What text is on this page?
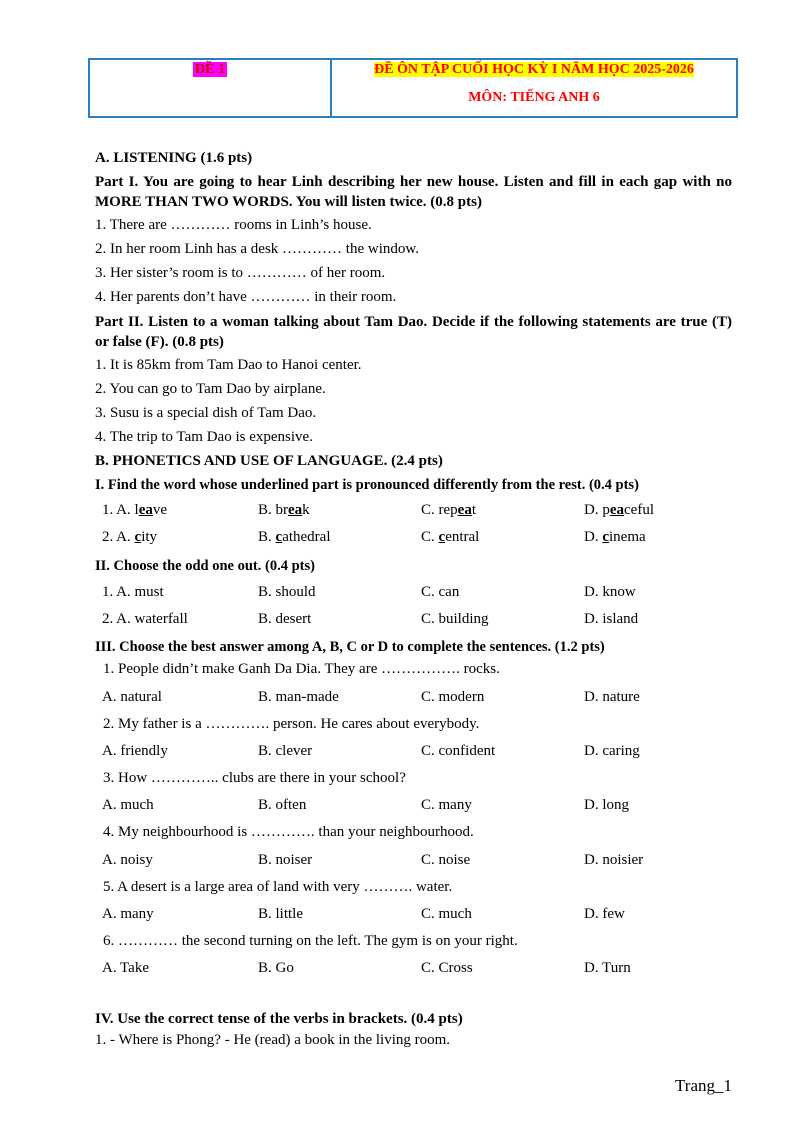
ĐỀ 1	ĐỀ ÔN TẬP CUỐI HỌC KỲ I NĂM HỌC 2025-2026
MÔN: TIẾNG ANH 6
A. LISTENING (1.6 pts)
Part I. You are going to hear Linh describing her new house. Listen and fill in each gap with no MORE THAN TWO WORDS. You will listen twice. (0.8 pts)
1. There are ………… rooms in Linh’s house.
2. In her room Linh has a desk ………… the window.
3. Her sister’s room is to ………… of her room.
4. Her parents don’t have ………… in their room.
Part II. Listen to a woman talking about Tam Dao. Decide if the following statements are true (T) or false (F). (0.8 pts)
1. It is 85km from Tam Dao to Hanoi center.
2. You can go to Tam Dao by airplane.
3. Susu is a special dish of Tam Dao.
4. The trip to Tam Dao is expensive.
B. PHONETICS AND USE OF LANGUAGE. (2.4 pts)
I. Find the word whose underlined part is pronounced differently from the rest. (0.4 pts)
1. A. leave	B. break	C. repeat	D. peaceful
2. A. city	B. cathedral	C. central	D. cinema
II. Choose the odd one out. (0.4 pts)
1. A. must	B. should	C. can	D. know
2. A. waterfall	B. desert	C. building	D. island
III. Choose the best answer among A, B, C or D to complete the sentences. (1.2 pts)
1. People didn’t make Ganh Da Dia. They are ……………. rocks.
A. natural	B. man-made	C. modern	D. nature
2. My father is a …………. person. He cares about everybody.
A. friendly	B. clever	C. confident	D. caring
3. How ………….. clubs are there in your school?
A. much	B. often	C. many	D. long
4. My neighbourhood is …………. than your neighbourhood.
A. noisy	B. noiser	C. noise	D. noisier
5. A desert is a large area of land with very ………. water.
A. many	B. little	C. much	D. few
6. ………… the second turning on the left. The gym is on your right.
A. Take	B. Go	C. Cross	D. Turn
IV. Use the correct tense of the verbs in brackets. (0.4 pts)
1. - Where is Phong? - He (read) a book in the living room.
Trang_1
